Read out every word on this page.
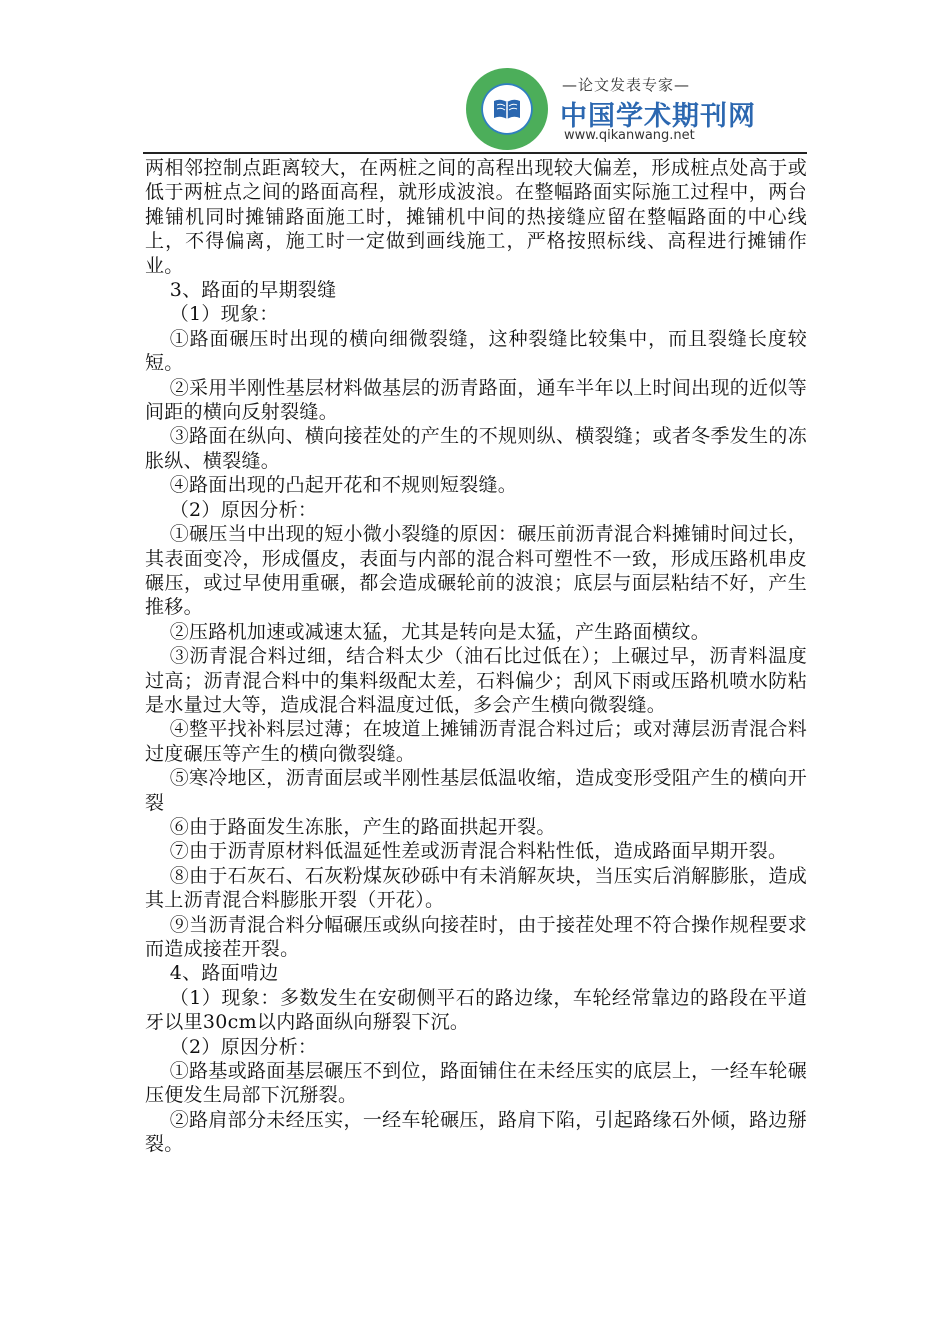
—论文发表专家—
中国学术期刊网
www.qikanwang.net

两相邻控制点距离较大，在两桩之间的高程出现较大偏差，形成桩点处高于或低于两桩点之间的路面高程，就形成波浪。在整幅路面实际施工过程中，两台摊铺机同时摊铺路面施工时，摊铺机中间的热接缝应留在整幅路面的中心线上，不得偏离，施工时一定做到画线施工，严格按照标线、高程进行摊铺作业。

3、路面的早期裂缝

（1）现象：

①路面碾压时出现的横向细微裂缝，这种裂缝比较集中，而且裂缝长度较短。

②采用半刚性基层材料做基层的沥青路面，通车半年以上时间出现的近似等间距的横向反射裂缝。

③路面在纵向、横向接茬处的产生的不规则纵、横裂缝；或者冬季发生的冻胀纵、横裂缝。

④路面出现的凸起开花和不规则短裂缝。

（2）原因分析：

①碾压当中出现的短小微小裂缝的原因：碾压前沥青混合料摊铺时间过长，其表面变冷，形成僵皮，表面与内部的混合料可塑性不一致，形成压路机串皮碾压，或过早使用重碾，都会造成碾轮前的波浪；底层与面层粘结不好，产生推移。

②压路机加速或减速太猛，尤其是转向是太猛，产生路面横纹。

③沥青混合料过细，结合料太少（油石比过低在）；上碾过早，沥青料温度过高；沥青混合料中的集料级配太差，石料偏少；刮风下雨或压路机喷水防粘是水量过大等，造成混合料温度过低，多会产生横向微裂缝。

④整平找补料层过薄；在坡道上摊铺沥青混合料过后；或对薄层沥青混合料过度碾压等产生的横向微裂缝。

⑤寒冷地区，沥青面层或半刚性基层低温收缩，造成变形受阻产生的横向开裂

⑥由于路面发生冻胀，产生的路面拱起开裂。

⑦由于沥青原材料低温延性差或沥青混合料粘性低，造成路面早期开裂。

⑧由于石灰石、石灰粉煤灰砂砾中有未消解灰块，当压实后消解膨胀，造成其上沥青混合料膨胀开裂（开花）。

⑨当沥青混合料分幅碾压或纵向接茬时，由于接茬处理不符合操作规程要求而造成接茬开裂。

4、路面啃边

（1）现象：多数发生在安砌侧平石的路边缘，车轮经常靠边的路段在平道牙以里30cm以内路面纵向掰裂下沉。

（2）原因分析：

①路基或路面基层碾压不到位，路面铺住在未经压实的底层上，一经车轮碾压便发生局部下沉掰裂。

②路肩部分未经压实，一经车轮碾压，路肩下陷，引起路缘石外倾，路边掰裂。
